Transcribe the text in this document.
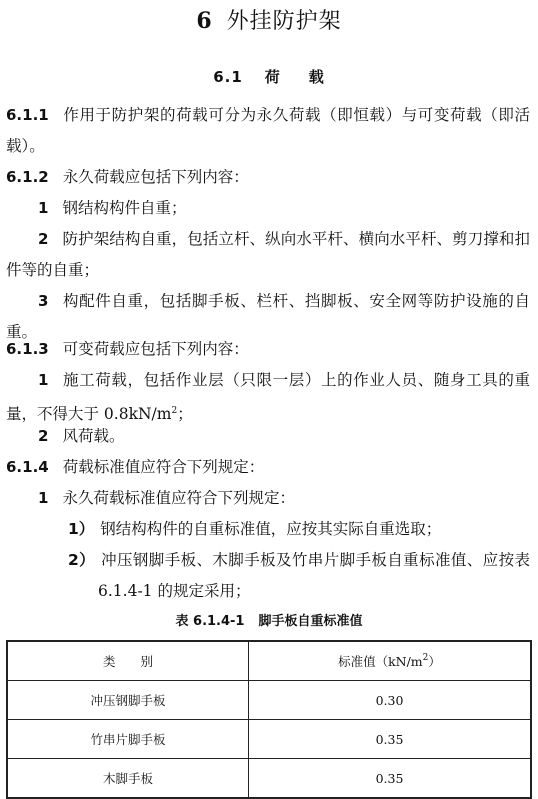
6 外挂防护架
6.1 荷 载
6.1.1 作用于防护架的荷载可分为永久荷载（即恒载）与可变荷载（即活载）。
6.1.2 永久荷载应包括下列内容：
1 钢结构构件自重；
2 防护架结构自重，包括立杆、纵向水平杆、横向水平杆、剪刀撑和扣件等的自重；
3 构配件自重，包括脚手板、栏杆、挡脚板、安全网等防护设施的自重。
6.1.3 可变荷载应包括下列内容：
1 施工荷载，包括作业层（只限一层）上的作业人员、随身工具的重量，不得大于 $0.8kN/m^2$；
2 风荷载。
6.1.4 荷载标准值应符合下列规定：
1 永久荷载标准值应符合下列规定：
1） 钢结构构件的自重标准值，应按其实际自重选取；
2） 冲压钢脚手板、木脚手板及竹串片脚手板自重标准值、应按表 6.1.4-1 的规定采用；
表 6.1.4-1 脚手板自重标准值
类　　别	标准值$(kN/m^2)$
冲压钢脚手板	0.30
竹串片脚手板	0.35
木脚手板	0.35
